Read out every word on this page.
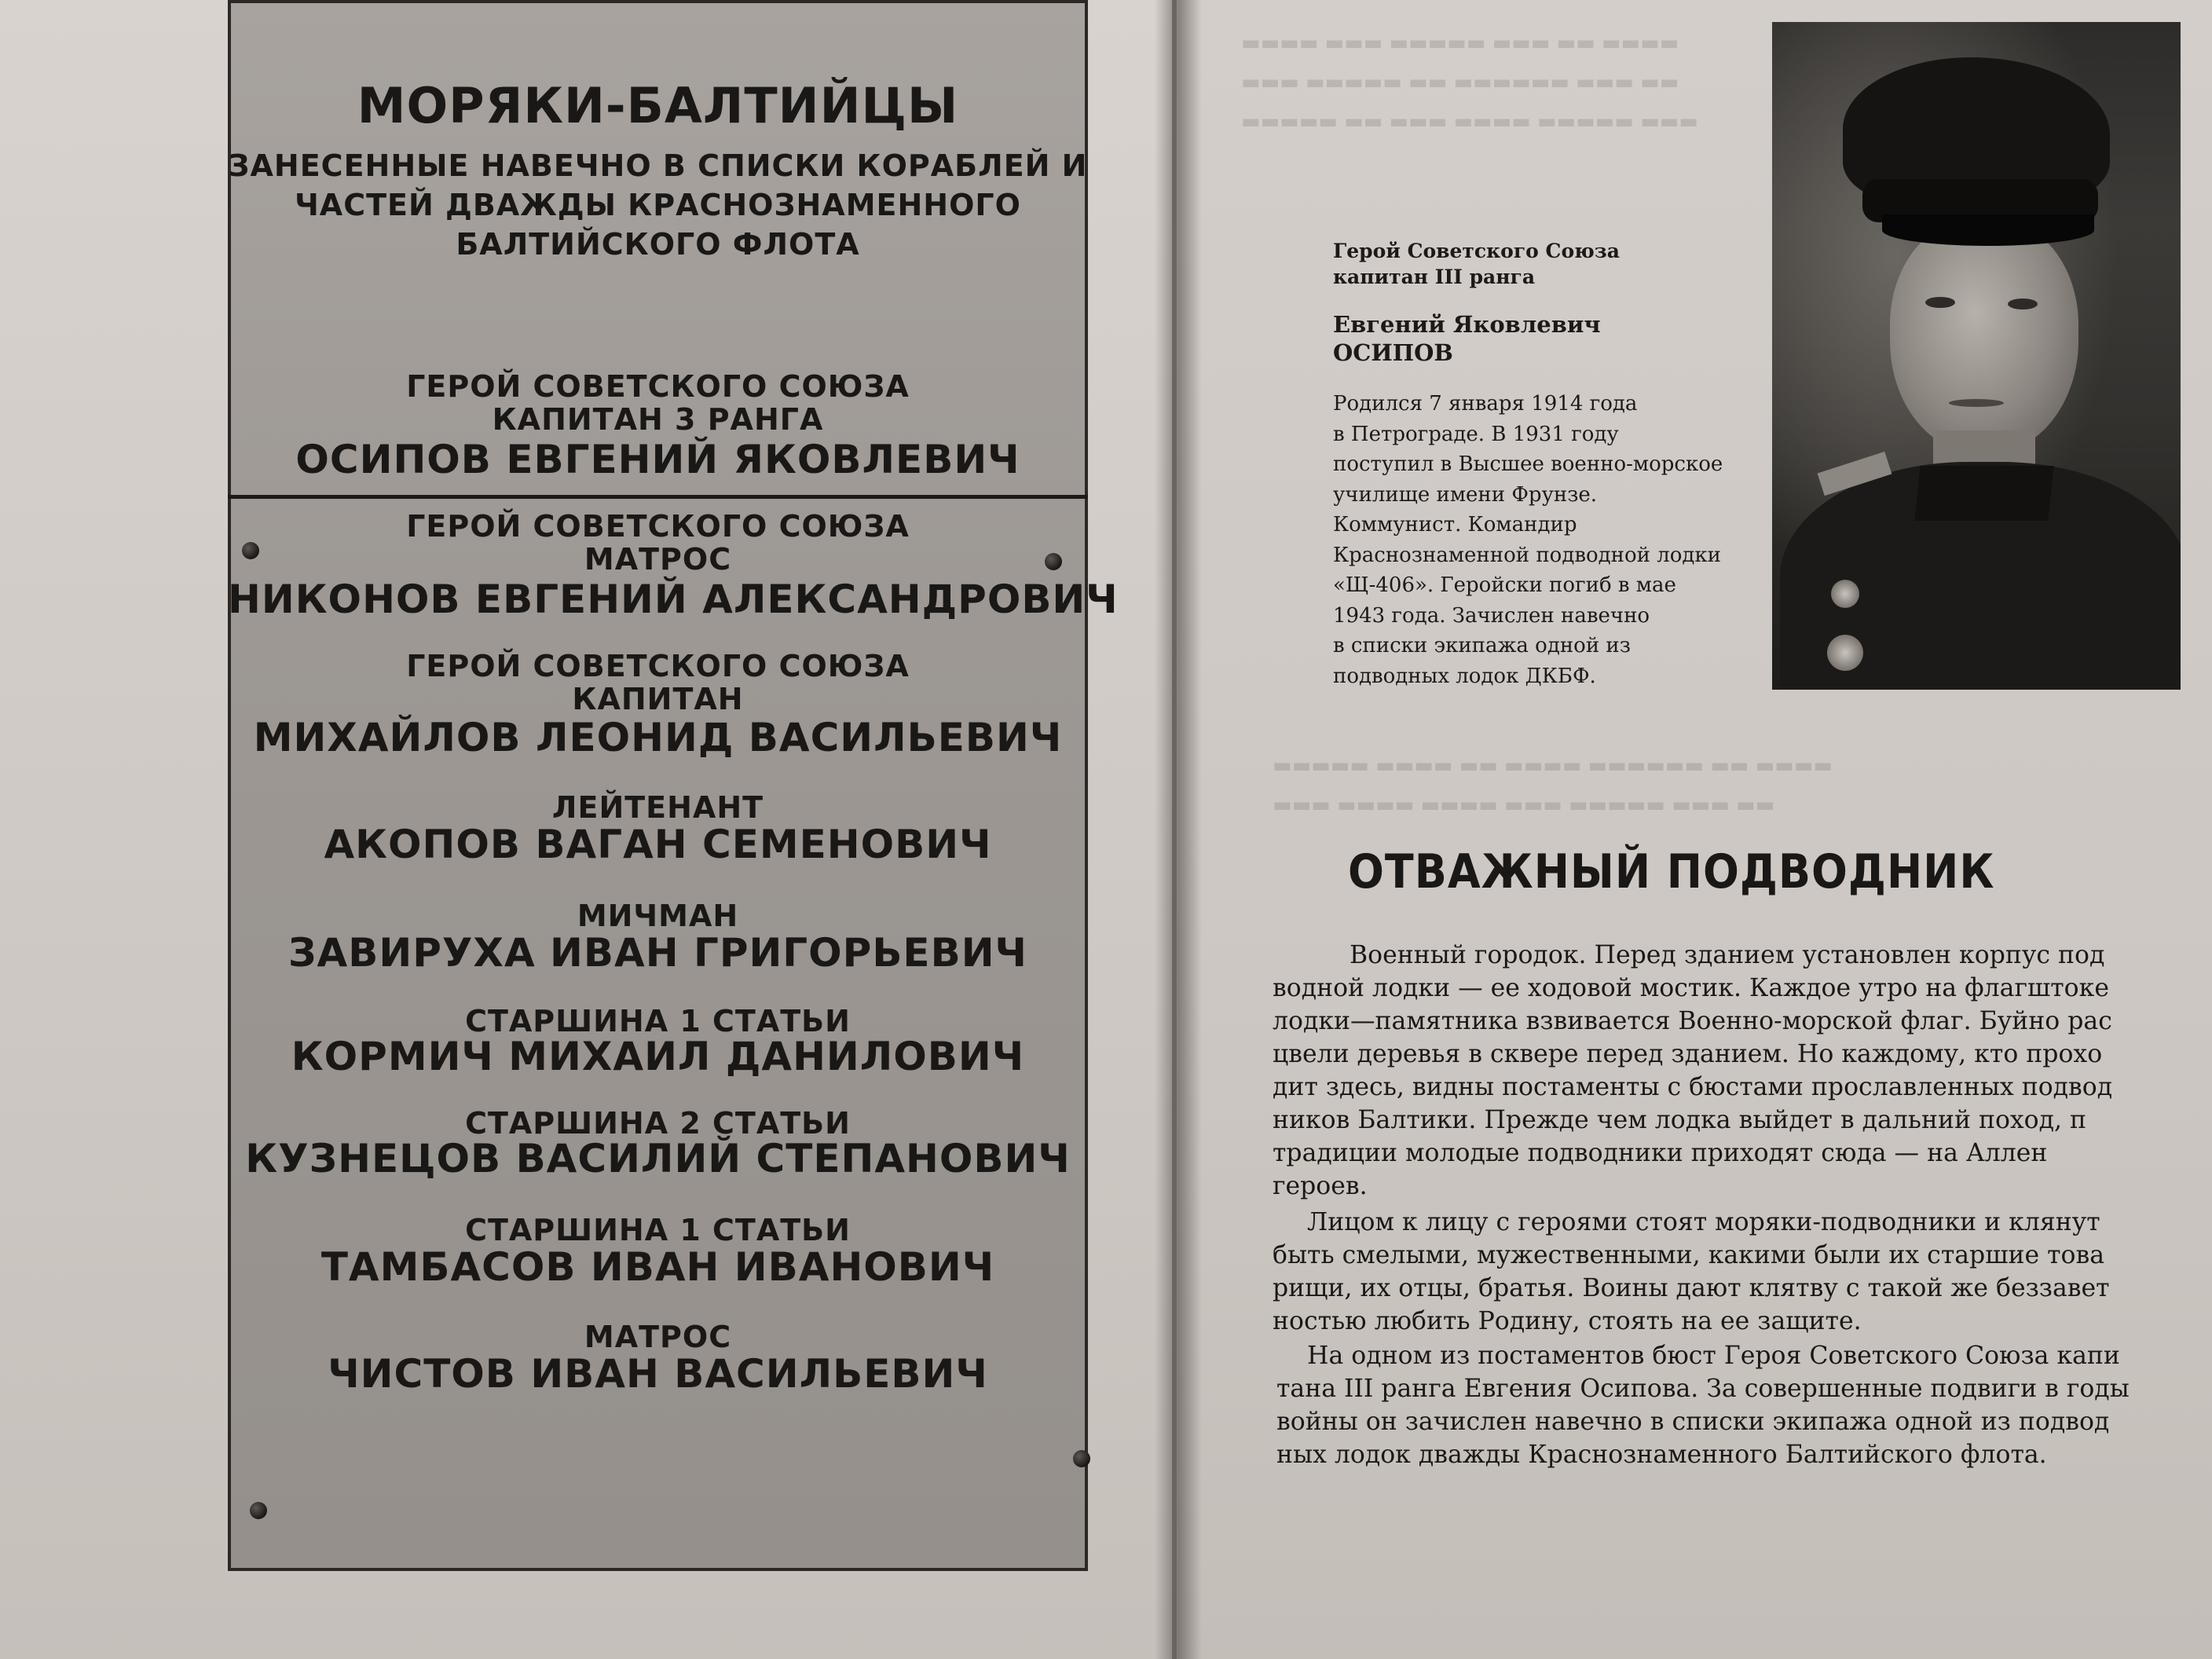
МОРЯКИ-БАЛТИЙЦЫ
ЗАНЕСЕННЫЕ НАВЕЧНО В СПИСКИ КОРАБЛЕЙ И
ЧАСТЕЙ ДВАЖДЫ КРАСНОЗНАМЕННОГО
БАЛТИЙСКОГО ФЛОТА
ГЕРОЙ СОВЕТСКОГО СОЮЗА
КАПИТАН 3 РАНГА
ОСИПОВ ЕВГЕНИЙ ЯКОВЛЕВИЧ
ГЕРОЙ СОВЕТСКОГО СОЮЗА
МАТРОС
НИКОНОВ ЕВГЕНИЙ АЛЕКСАНДРОВИЧ
ГЕРОЙ СОВЕТСКОГО СОЮЗА
КАПИТАН
МИХАЙЛОВ ЛЕОНИД ВАСИЛЬЕВИЧ
ЛЕЙТЕНАНТ
АКОПОВ ВАГАН СЕМЕНОВИЧ
МИЧМАН
ЗАВИРУХА ИВАН ГРИГОРЬЕВИЧ
СТАРШИНА 1 СТАТЬИ
КОРМИЧ МИХАИЛ ДАНИЛОВИЧ
СТАРШИНА 2 СТАТЬИ
КУЗНЕЦОВ ВАСИЛИЙ СТЕПАНОВИЧ
СТАРШИНА 1 СТАТЬИ
ТАМБАСОВ ИВАН ИВАНОВИЧ
МАТРОС
ЧИСТОВ ИВАН ВАСИЛЬЕВИЧ
▬▬▬▬ ▬▬▬ ▬▬▬▬▬ ▬▬▬ ▬▬ ▬▬▬▬
▬▬▬ ▬▬▬▬▬ ▬▬ ▬▬▬▬▬▬ ▬▬▬ ▬▬
▬▬▬▬▬ ▬▬ ▬▬▬ ▬▬▬▬ ▬▬▬▬▬ ▬▬▬
▬▬▬▬▬ ▬▬▬▬ ▬▬ ▬▬▬▬ ▬▬▬▬▬▬ ▬▬ ▬▬▬▬
▬▬▬ ▬▬▬▬ ▬▬▬▬ ▬▬▬ ▬▬▬▬▬ ▬▬▬ ▬▬
Герой Советского Союза
капитан III ранга
Евгений Яковлевич
ОСИПОВ
Родился 7 января 1914 года
в Петрограде. В 1931 году
поступил в Высшее военно-морское
училище имени Фрунзе.
Коммунист. Командир
Краснознаменной подводной лодки
«Щ-406». Геройски погиб в мае
1943 года. Зачислен навечно
в списки экипажа одной из
подводных лодок ДКБФ.
ОТВАЖНЫЙ ПОДВОДНИК
Военный городок. Перед зданием установлен корпус под
водной лодки — ее ходовой мостик. Каждое утро на флагштоке
лодки—памятника взвивается Военно-морской флаг. Буйно рас
цвели деревья в сквере перед зданием. Но каждому, кто прохо
дит здесь, видны постаменты с бюстами прославленных подвод
ников Балтики. Прежде чем лодка выйдет в дальний поход, п
традиции молодые подводники приходят сюда — на Аллен
героев.
Лицом к лицу с героями стоят моряки-подводники и клянут
быть смелыми, мужественными, какими были их старшие това
рищи, их отцы, братья. Воины дают клятву с такой же беззавет
ностью любить Родину, стоять на ее защите.
На одном из постаментов бюст Героя Советского Союза капи
тана III ранга Евгения Осипова. За совершенные подвиги в годы
войны он зачислен навечно в списки экипажа одной из подвод
ных лодок дважды Краснознаменного Балтийского флота.
